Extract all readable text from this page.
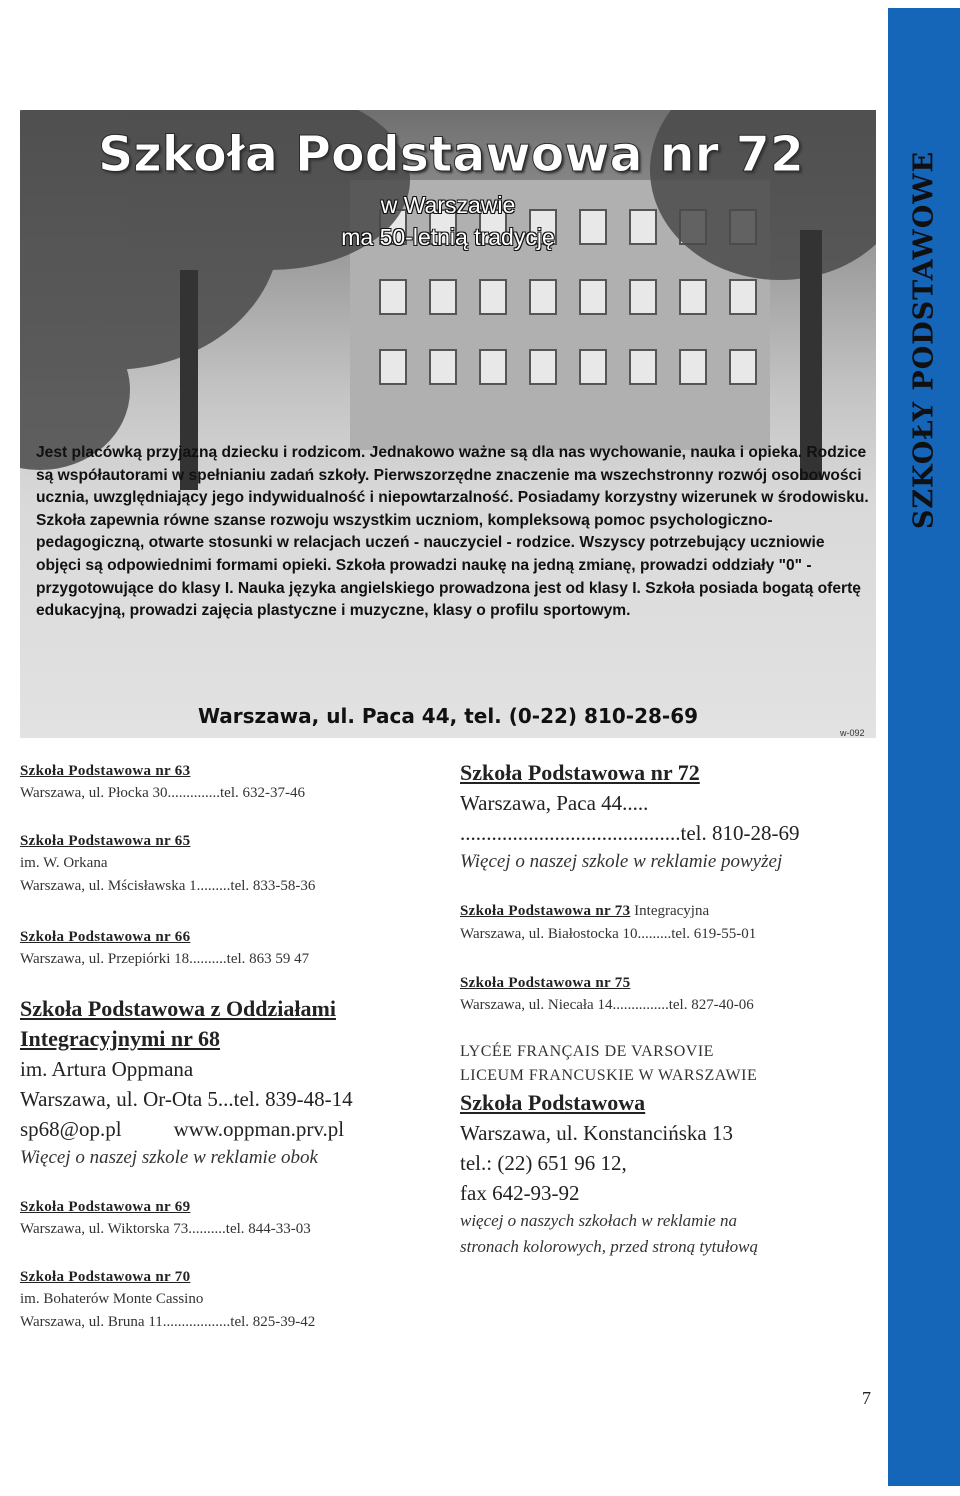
SZKOŁY PODSTAWOWE
Szkoła Podstawowa nr 72
w Warszawie
ma 50-letnią tradycję

Jest placówką przyjazną dziecku i rodzicom. Jednakowo ważne są dla nas wychowanie, nauka i opieka. Rodzice są współautorami w spełnianiu zadań szkoły. Pierwszorzędne znaczenie ma wszechstronny rozwój osobowości ucznia, uwzględniający jego indywidualność i niepowtarzalność. Posiadamy korzystny wizerunek w środowisku. Szkoła zapewnia równe szanse rozwoju wszystkim uczniom, kompleksową pomoc psychologiczno-pedagogiczną, otwarte stosunki w relacjach uczeń - nauczyciel - rodzice. Wszyscy potrzebujący uczniowie objęci są odpowiednimi formami opieki. Szkoła prowadzi naukę na jedną zmianę, prowadzi oddziały "0" - przygotowujące do klasy I. Nauka języka angielskiego prowadzona jest od klasy I. Szkoła posiada bogatą ofertę edukacyjną, prowadzi zajęcia plastyczne i muzyczne, klasy o profilu sportowym.

Warszawa, ul. Paca 44, tel. (0-22) 810-28-69
w-092

Szkoła Podstawowa nr 63

Warszawa, ul. Płocka 30..............tel. 632-37-46

Szkoła Podstawowa nr 65

im. W. Orkana

Warszawa, ul. Mścisławska 1.........tel. 833-58-36

Szkoła Podstawowa nr 66

Warszawa, ul. Przepiórki 18..........tel. 863 59 47

Szkoła Podstawowa z Oddziałami

Integracyjnymi nr 68

im. Artura Oppmana

Warszawa, ul. Or-Ota 5...tel. 839-48-14

sp68@op.pl www.oppman.prv.pl

Więcej o naszej szkole w reklamie obok

Szkoła Podstawowa nr 69

Warszawa, ul. Wiktorska 73..........tel. 844-33-03

Szkoła Podstawowa nr 70

im. Bohaterów Monte Cassino

Warszawa, ul. Bruna 11..................tel. 825-39-42

Szkoła Podstawowa nr 72

Warszawa, Paca 44.....

..........................................tel. 810-28-69

Więcej o naszej szkole w reklamie powyżej

Szkoła Podstawowa nr 73

Integracyjna

Warszawa, ul. Białostocka 10.........tel. 619-55-01

Szkoła Podstawowa nr 75

Warszawa, ul. Niecała 14...............tel. 827-40-06

LYCÉE FRANÇAIS DE VARSOVIE

LICEUM FRANCUSKIE W WARSZAWIE

Szkoła Podstawowa

Warszawa, ul. Konstancińska 13

tel.: (22) 651 96 12,

fax 642-93-92

więcej o naszych szkołach w reklamie na

stronach kolorowych, przed stroną tytułową

7
